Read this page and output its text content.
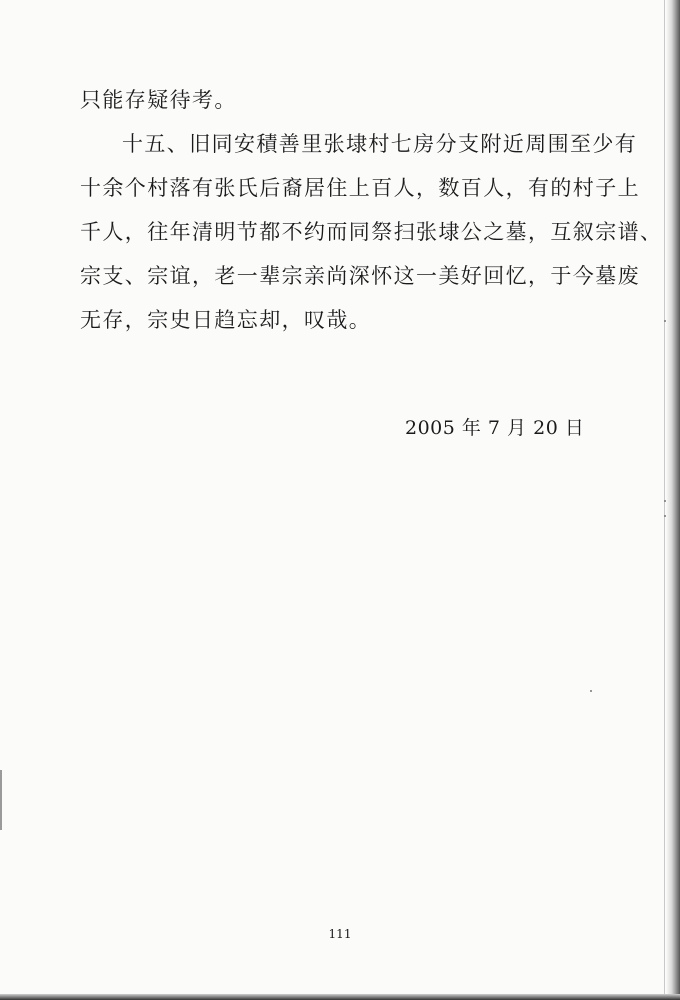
只能存疑待考。
十五、旧同安積善里张埭村七房分支附近周围至少有
十余个村落有张氏后裔居住上百人，数百人，有的村子上
千人，往年清明节都不约而同祭扫张埭公之墓，互叙宗谱、
宗支、宗谊，老一辈宗亲尚深怀这一美好回忆，于今墓废
无存，宗史日趋忘却，叹哉。
2005 年 7 月 20 日
111
